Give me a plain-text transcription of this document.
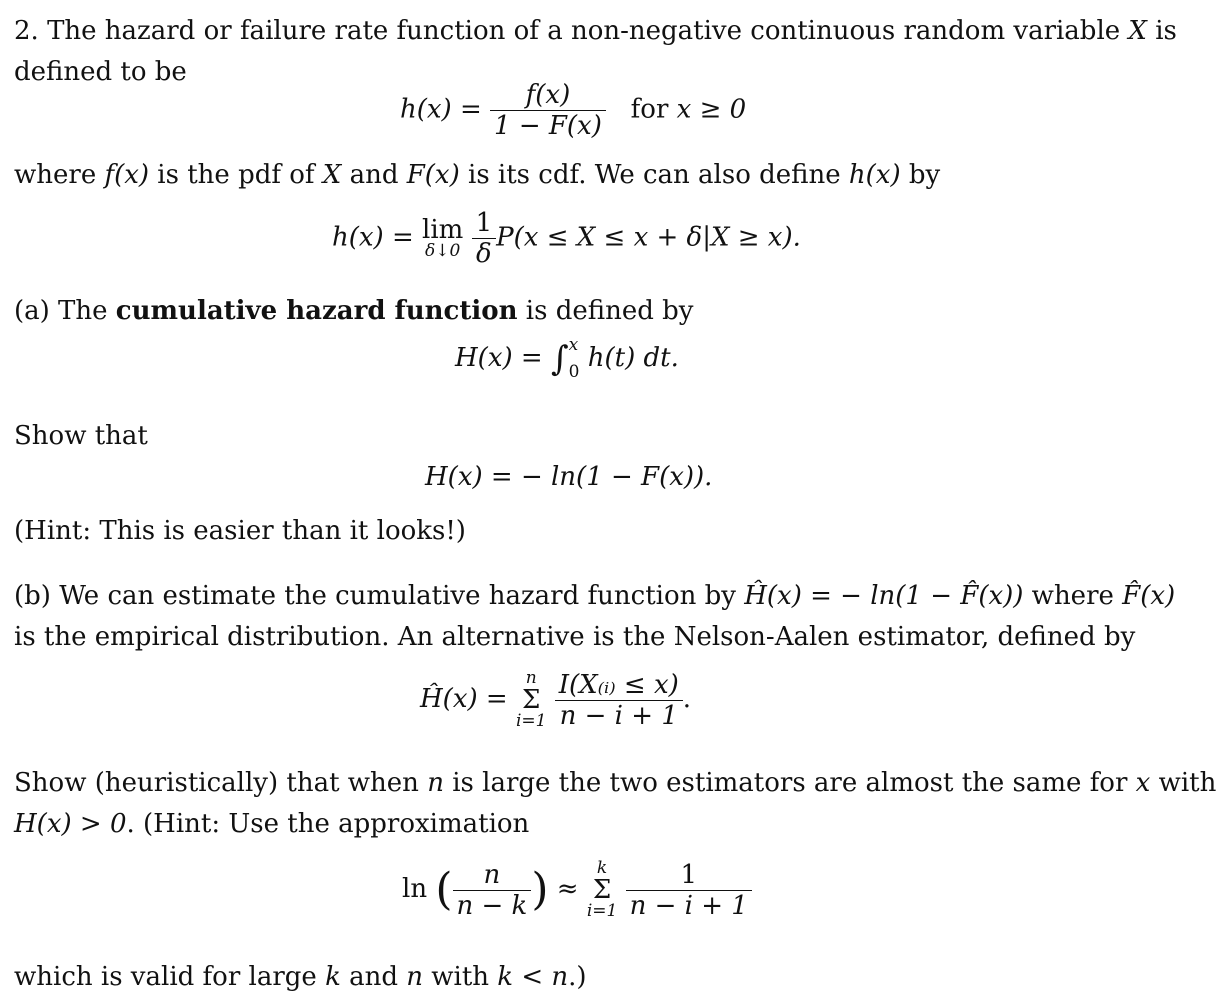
2. The hazard or failure rate function of a non-negative continuous random variable X is
defined to be
$h(x) = \frac{f(x)}{1 - F(x)}$ for x ≥ 0
where f(x) is the pdf of X and F(x) is its cdf. We can also define h(x) by
h(x) = lim
δ↓0
$\frac{1}{\delta} P(x \le X \le x + \delta|X \ge x)$.
(a) The cumulative hazard function is defined by
H(x) = ∫ x
0 h(t) dt.
Show that
H(x) = − ln(1 − F(x)).
(Hint: This is easier than it looks!)
(b) We can estimate the cumulative hazard function by Ĥ(x) = − ln(1 − F̂(x)) where F̂(x)
is the empirical distribution. An alternative is the Nelson-Aalen estimator, defined by
Ĥ(x) =
n
Σ
i=1
$\frac{\text{I(X₍ᵢ₎ ≤ x)}}{n - i + 1}$ .
Show (heuristically) that when n is large the two estimators are almost the same for x with
H(x) > 0. (Hint: Use the approximation
ln ( $\frac{n}{n - k}$ ) ≈
k
Σ
i=1
$\frac{1}{n - i + 1}$
which is valid for large k and n with k < n.)
